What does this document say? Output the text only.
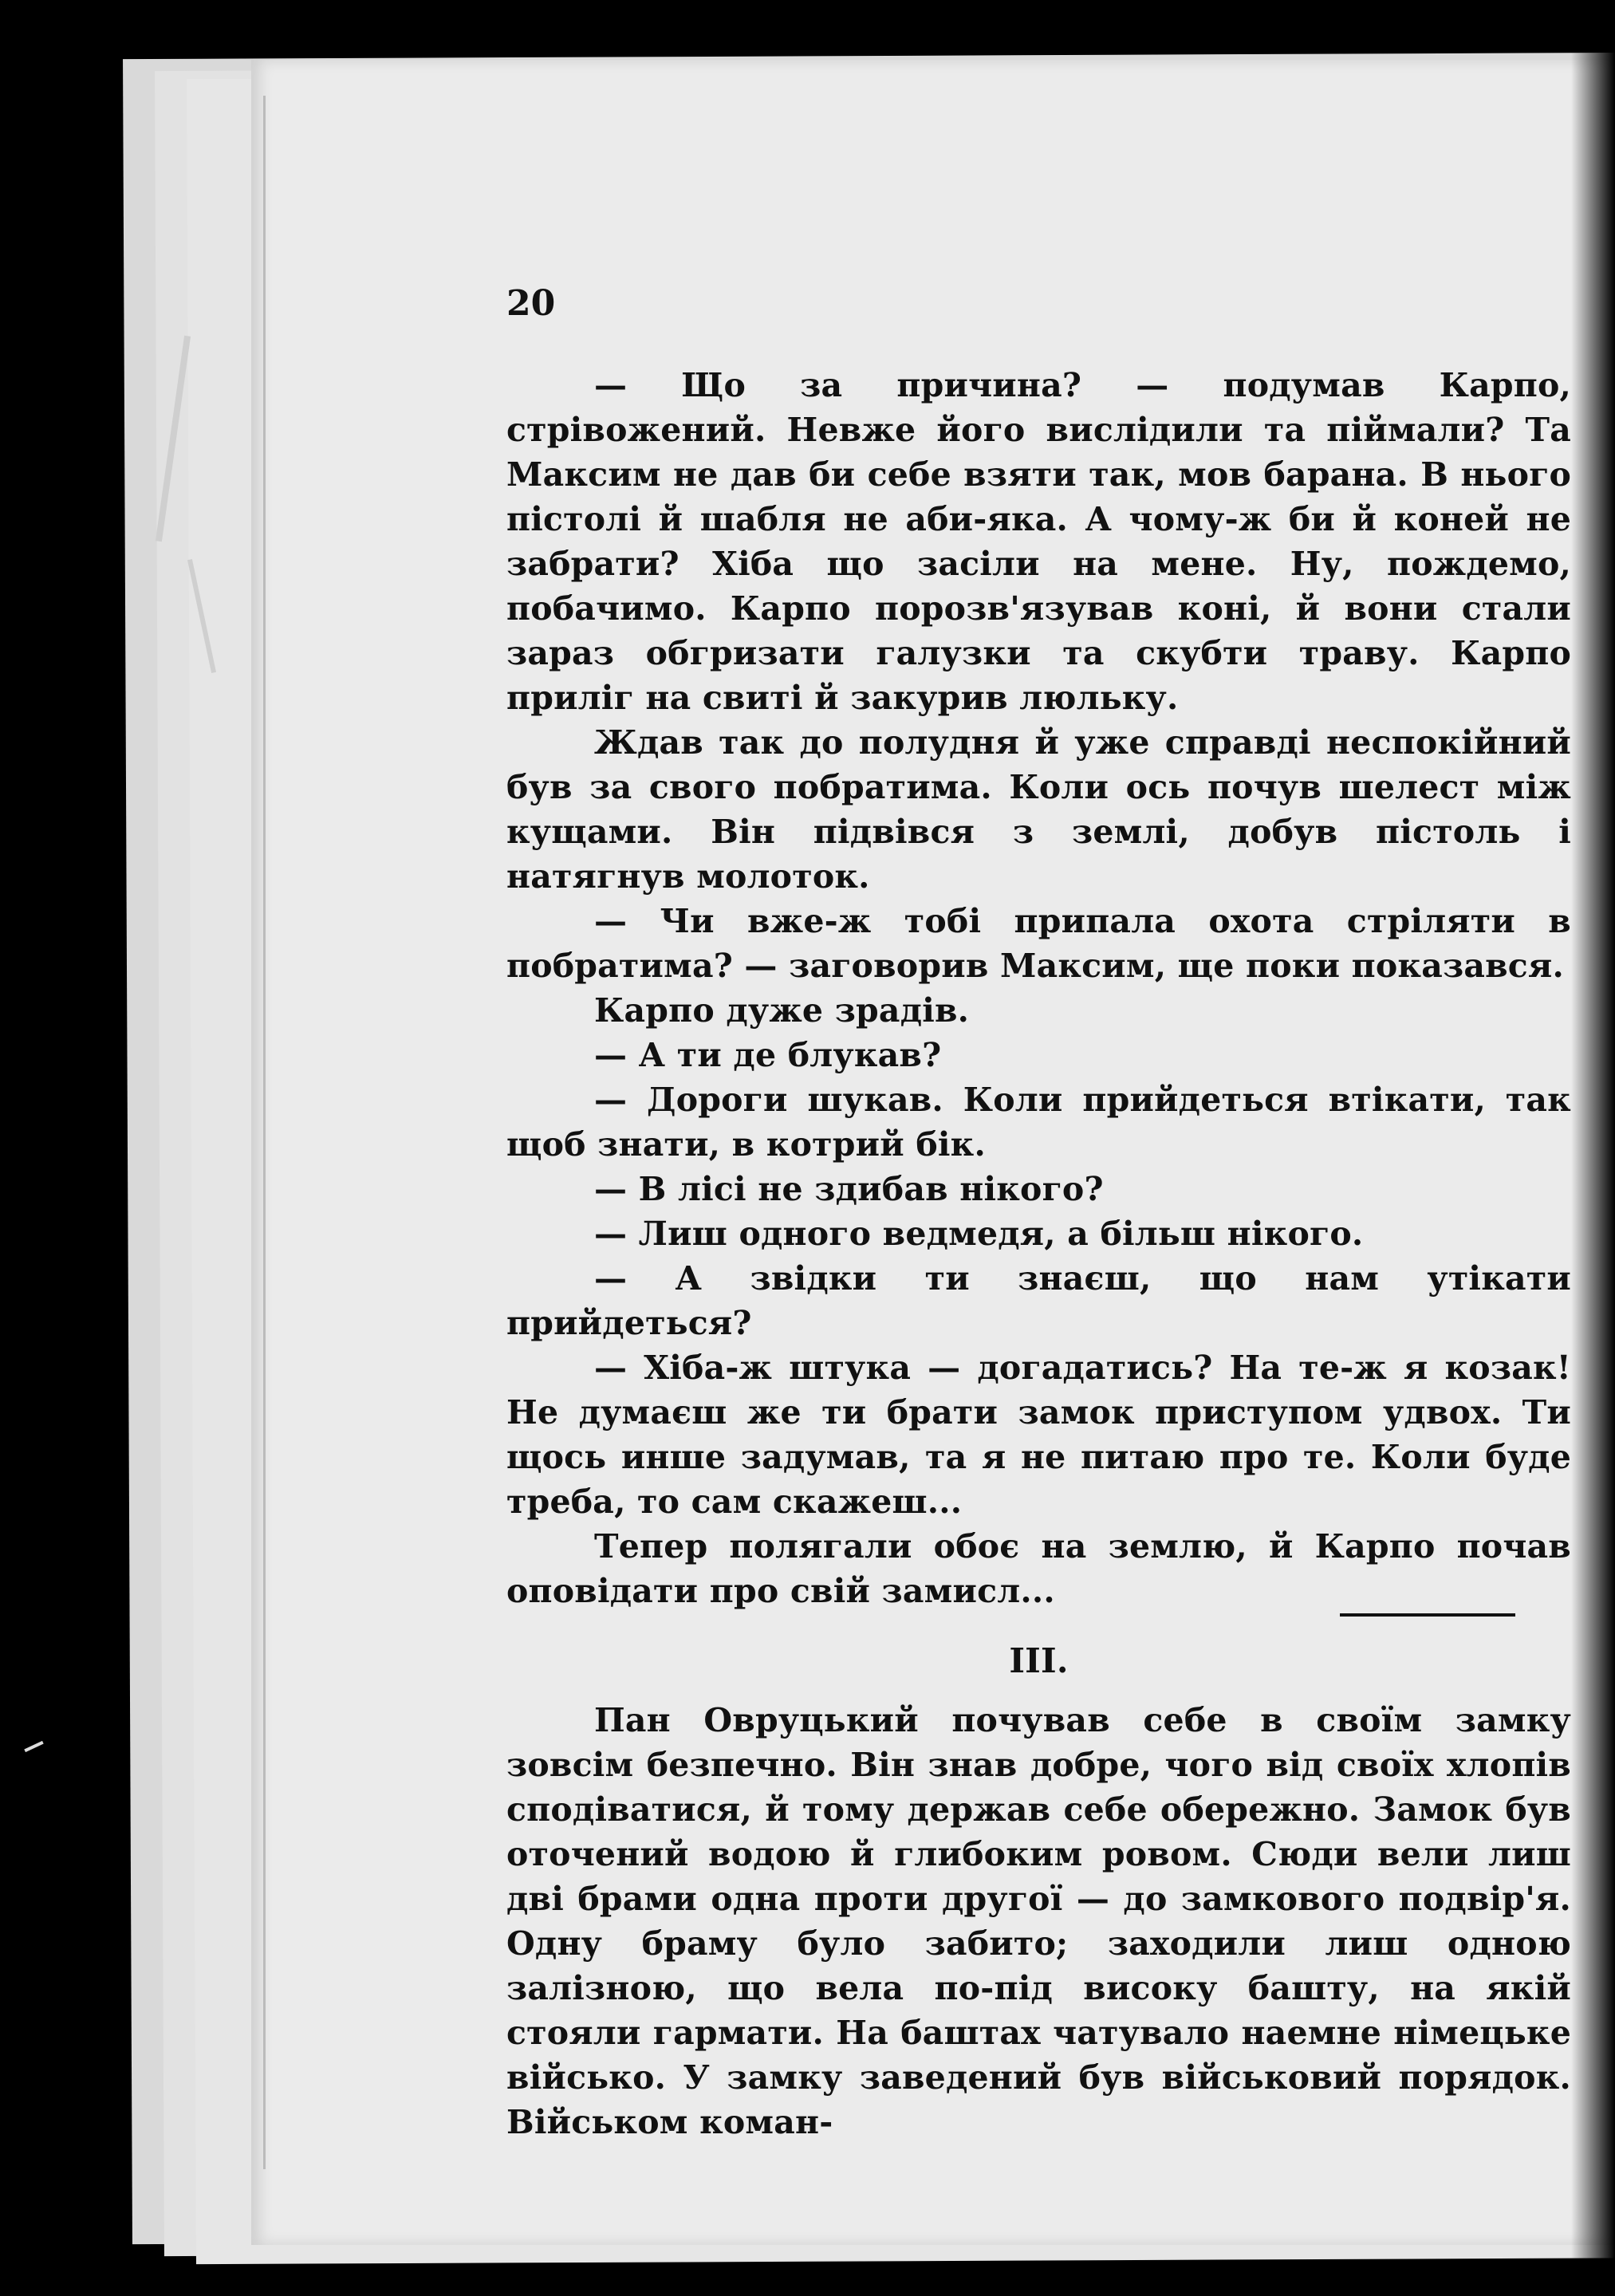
20

— Що за причина? — подумав Карпо, стрівожений. Невже його вислідили та піймали? Та Максим не дав би себе взяти так, мов барана. В нього пістолі й шабля не аби-яка. А чому-ж би й коней не забрати? Хіба що засіли на мене. Ну, пождемо, побачимо. Карпо порозв'язував коні, й вони стали зараз обгризати галузки та скубти траву. Карпо приліг на свиті й закурив люльку.

Ждав так до полудня й уже справді неспокійний був за свого побратима. Коли ось почув шелест між кущами. Він підвівся з землі, добув пістоль і натягнув молоток.

— Чи вже-ж тобі припала охота стріляти в побратима? — заговорив Максим, ще поки показався.

Карпо дуже зрадів.

— А ти де блукав?

— Дороги шукав. Коли прийдеться втікати, так щоб знати, в котрий бік.

— В лісі не здибав нікого?

— Лиш одного ведмедя, а більш нікого.

— А звідки ти знаєш, що нам утікати прийдеться?

— Хіба-ж штука — догадатись? На те-ж я козак! Не думаєш же ти брати замок приступом удвох. Ти щось инше задумав, та я не питаю про те. Коли буде треба, то сам скажеш...

Тепер полягали обоє на землю, й Карпо почав оповідати про свій замисл...

III.

Пан Овруцький почував себе в своїм замку зовсім безпечно. Він знав добре, чого від своїх хлопів сподіватися, й тому держав себе обережно. Замок був оточений водою й глибоким ровом. Сюди вели лиш дві брами одна проти другої — до замкового подвір'я. Одну браму було забито; заходили лиш одною залізною, що вела по-під високу башту, на якій стояли гармати. На баштах чатувало наемне німецьке військо. У замку заведений був військовий порядок. Військом коман-
